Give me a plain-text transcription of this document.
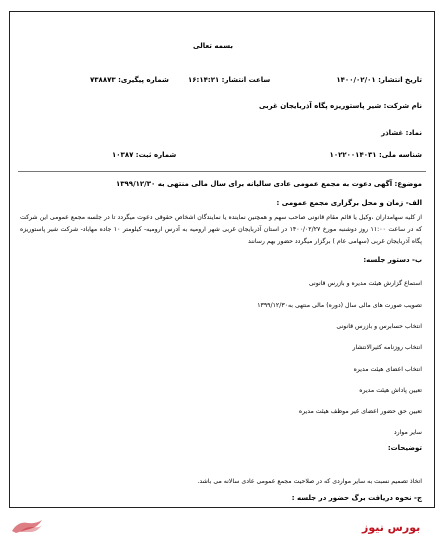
بسمه تعالی
تاریخ انتشار: ۱۴۰۰/۰۲/۰۱
ساعت انتشار: ۱۶:۱۴:۲۱
شماره پیگیری: ۷۳۸۸۷۳
نام شرکت: شیر پاستوریزه پگاه آذربایجان غربی
نماد: غشاذر
شناسه ملی: ۱۰۲۲۰۰۱۴۰۳۱
شماره ثبت: ۱۰۳۸۷
موضوع: آگهی دعوت به مجمع عمومی عادی سالیانه برای سال مالی منتهی به ۱۳۹۹/۱۲/۳۰
الف- زمان و محل برگزاری مجمع عمومی :
از کلیه سهامداران ،وکیل یا قائم مقام قانونی صاحب سهم و همچنین نماینده یا نمایندگان اشخاص حقوقی دعوت میگردد تا در جلسه مجمع عمومی این شرکت که در ساعت ۱۱:۰۰ روز دوشنبه مورخ ۱۴۰۰/۰۲/۲۷ در استان آذربایجان غربی شهر ارومیه به آدرس ارومیه- کیلومتر ۱۰ جاده مهاباد- شرکت شیر پاستوریزه پگاه آذربایجان غربی (سهامی عام ) برگزار میگردد حضور بهم رسانند
ب- دستور جلسه:
استماع گزارش هیئت مدیره و بازرس قانونی
تصویب صورت های مالی سال (دوره) مالی منتهی به۱۳۹۹/۱۲/۳۰
انتخاب حسابرس و بازرس قانونی
انتخاب روزنامه کثیرالانتشار
انتخاب اعضای هیئت مدیره
تعیین پاداش هیئت مدیره
تعیین حق حضور اعضای غیر موظف هیئت مدیره
سایر موارد
توضیحات:
اتخاذ تصمیم نسبت به سایر مواردی که در صلاحیت مجمع عمومی عادی سالانه می باشد.
ج- نحوه دریافت برگ حضور در جلسه :
بورس نیوز
